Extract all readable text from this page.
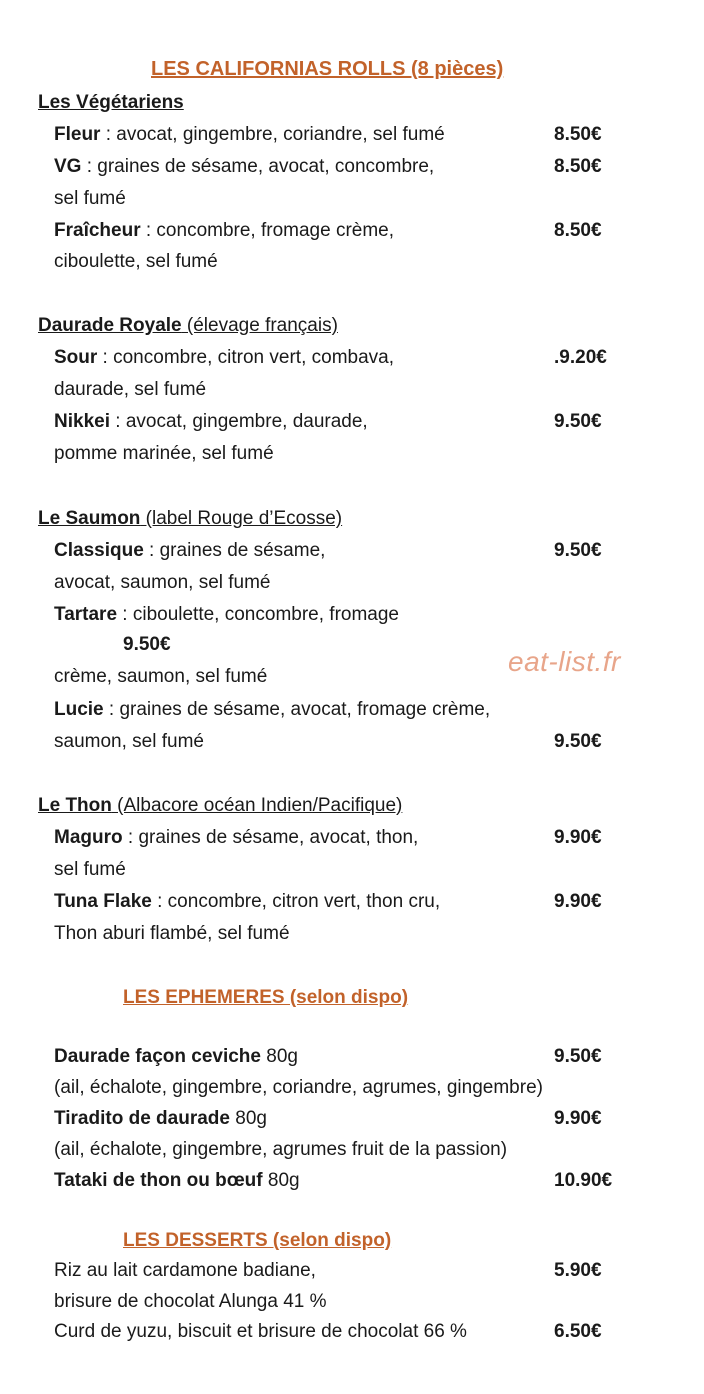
LES CALIFORNIAS ROLLS (8 pièces)
Les Végétariens
Fleur : avocat, gingembre, coriandre, sel fumé	8.50€
VG : graines de sésame, avocat, concombre,	8.50€
sel fumé
Fraîcheur : concombre, fromage crème,	8.50€
ciboulette, sel fumé
Daurade Royale (élevage français)
Sour : concombre, citron vert, combava,	.9.20€
daurade, sel fumé
Nikkei : avocat, gingembre, daurade,	9.50€
pomme marinée, sel fumé
Le Saumon (label Rouge d’Ecosse)
Classique : graines de sésame,	9.50€
avocat, saumon, sel fumé
Tartare : ciboulette, concombre, fromage
9.50€
crème, saumon, sel fumé
Lucie : graines de sésame, avocat, fromage crème,
saumon, sel fumé	9.50€
eat-list.fr
Le Thon (Albacore océan Indien/Pacifique)
Maguro : graines de sésame, avocat, thon,	9.90€
sel fumé
Tuna Flake : concombre, citron vert, thon cru,	9.90€
Thon aburi flambé, sel fumé
LES EPHEMERES (selon dispo)
Daurade façon ceviche 80g	9.50€
(ail, échalote, gingembre, coriandre, agrumes, gingembre)
Tiradito de daurade 80g	9.90€
(ail, échalote, gingembre, agrumes fruit de la passion)
Tataki de thon ou bœuf 80g	10.90€
LES DESSERTS (selon dispo)
Riz au lait cardamone badiane,	5.90€
brisure de chocolat Alunga 41 %
Curd de yuzu, biscuit et brisure de chocolat 66 %	6.50€
